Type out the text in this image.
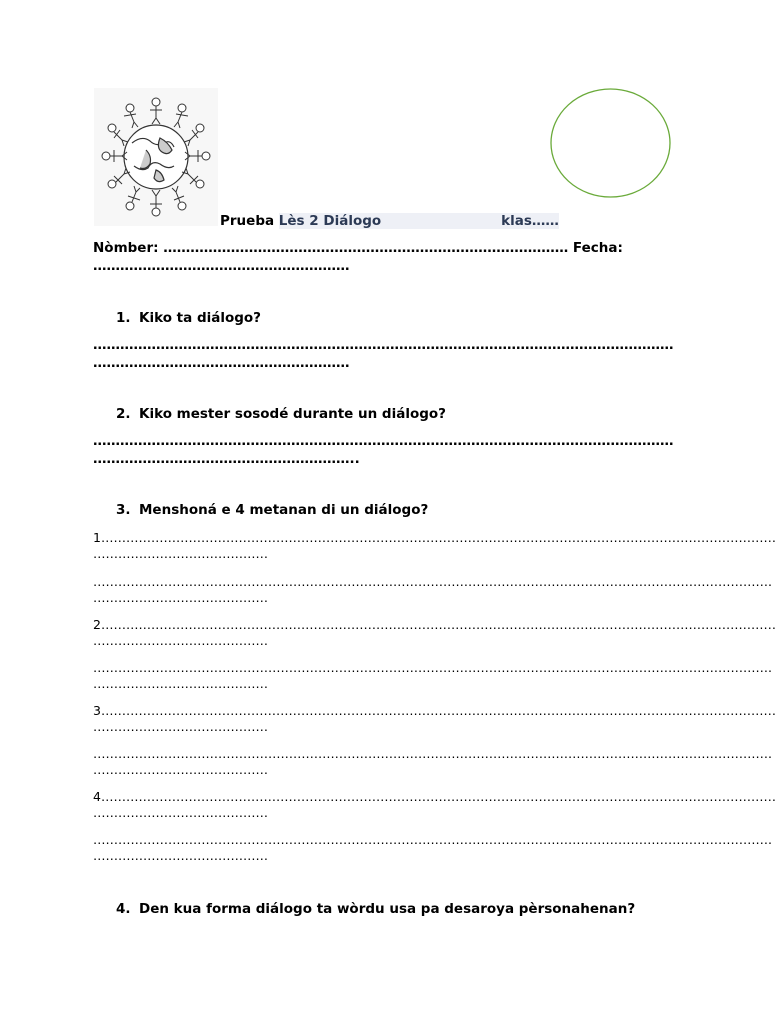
Prueba Lès 2 Diálogo	klas……
Nòmber: ……………………………………………………………………………… Fecha:
…………………………………………………
1. Kiko ta diálogo?
…………………………………………………………………………………………………………………
…………………………………………………
2. Kiko mester sosodé durante un diálogo?
…………………………………………………………………………………………………………………
…………………………………………………..
3. Menshoná e 4 metanan di un diálogo?
1………………………………………………………………………………………………………………………………………………
……………………………………
……………………………………………………………………………………………………………………………………………….
……………………………………
2………………………………………………………………………………………………………………………………………………
……………………………………
……………………………………………………………………………………………………………………………………………….
……………………………………
3………………………………………………………………………………………………………………………………………………
……………………………………
……………………………………………………………………………………………………………………………………………….
……………………………………
4………………………………………………………………………………………………………………………………………………
……………………………………
……………………………………………………………………………………………………………………………………………….
……………………………………
4. Den kua forma diálogo ta wòrdu usa pa desaroya pèrsonahenan?
